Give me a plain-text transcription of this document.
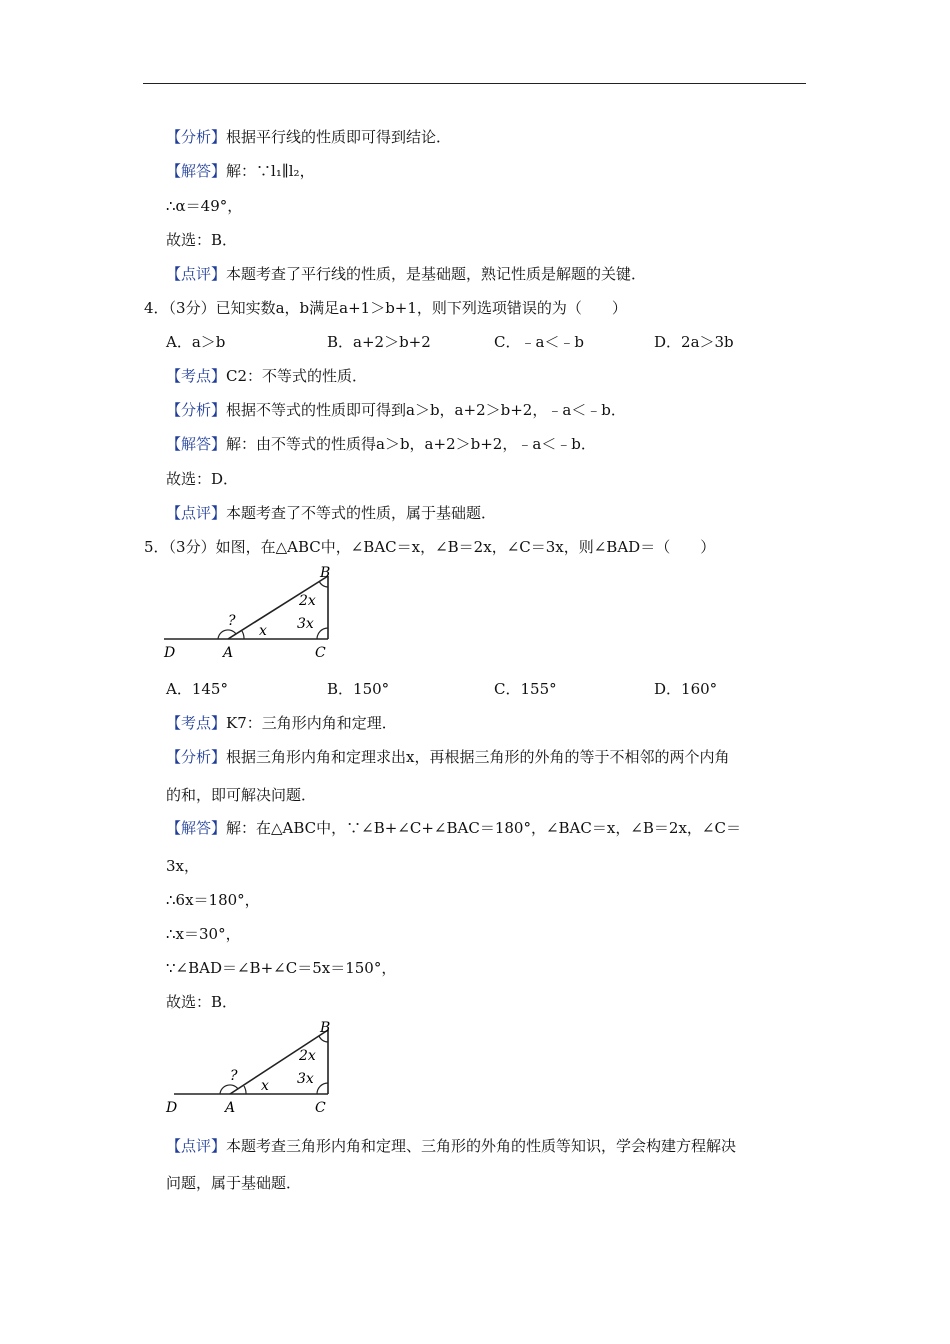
【分析】根据平行线的性质即可得到结论．
【解答】解：∵l₁∥l₂，
∴α＝49°，
故选：B．
【点评】本题考查了平行线的性质，是基础题，熟记性质是解题的关键．
4．（3分）已知实数a，b满足a+1＞b+1，则下列选项错误的为（　　）
A．a＞b	B．a+2＞b+2	C．﹣a＜﹣b	D．2a＞3b
【考点】C2：不等式的性质．
【分析】根据不等式的性质即可得到a＞b，a+2＞b+2，﹣a＜﹣b．
【解答】解：由不等式的性质得a＞b，a+2＞b+2，﹣a＜﹣b．
故选：D．
【点评】本题考查了不等式的性质，属于基础题．
5．（3分）如图，在△ABC中，∠BAC＝x，∠B＝2x，∠C＝3x，则∠BAD＝（　　）
B
A	C
D
?
x
2x
3x
A．145°	B．150°	C．155°	D．160°
【考点】K7：三角形内角和定理．
【分析】根据三角形内角和定理求出x，再根据三角形的外角的等于不相邻的两个内角
的和，即可解决问题．
【解答】解：在△ABC中，∵∠B+∠C+∠BAC＝180°，∠BAC＝x，∠B＝2x，∠C＝
3x，
∴6x＝180°，
∴x＝30°，
∵∠BAD＝∠B+∠C＝5x＝150°，
故选：B．
B
A	C
D
?
x
2x
3x
【点评】本题考查三角形内角和定理、三角形的外角的性质等知识，学会构建方程解决
问题，属于基础题．
